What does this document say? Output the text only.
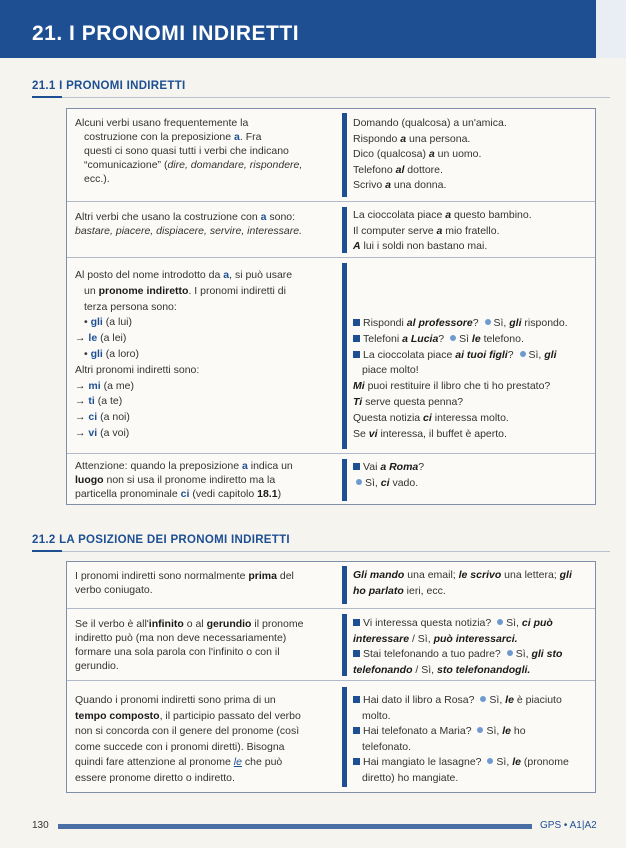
21. I PRONOMI INDIRETTI
21.1 I PRONOMI INDIRETTI
Alcuni verbi usano frequentemente la
costruzione con la preposizione a. Fra
questi ci sono quasi tutti i verbi che indicano
“comunicazione” (dire, domandare, rispondere,
ecc.).
Domando (qualcosa) a un'amica.
Rispondo a una persona.
Dico (qualcosa) a un uomo.
Telefono al dottore.
Scrivo a una donna.
Altri verbi che usano la costruzione con a sono:
bastare, piacere, dispiacere, servire, interessare.
La cioccolata piace a questo bambino.
Il computer serve a mio fratello.
A lui i soldi non bastano mai.
Al posto del nome introdotto da a, si può usare
un pronome indiretto. I pronomi indiretti di
terza persona sono:
• gli (a lui)
→ le (a lei)
• gli (a loro)
Altri pronomi indiretti sono:
→ mi (a me)
→ ti (a te)
→ ci (a noi)
→ vi (a voi)
Rispondi al professore? Sì, gli rispondo.
Telefoni a Lucia? Sì le telefono.
La cioccolata piace ai tuoi figli? Sì, gli
piace molto!
Mi puoi restituire il libro che ti ho prestato?
Ti serve questa penna?
Questa notizia ci interessa molto.
Se vi interessa, il buffet è aperto.
Attenzione: quando la preposizione a indica un
luogo non si usa il pronome indiretto ma la
particella pronominale ci (vedi capitolo 18.1)
Vai a Roma?
Sì, ci vado.
21.2 LA POSIZIONE DEI PRONOMI INDIRETTI
I pronomi indiretti sono normalmente prima del
verbo coniugato.
Gli mando una email; le scrivo una lettera; gli
ho parlato ieri, ecc.
Se il verbo è all'infinito o al gerundio il pronome
indiretto può (ma non deve necessariamente)
formare una sola parola con l'infinito o con il
gerundio.
Vi interessa questa notizia? Sì, ci può
interessare / Sì, può interessarci.
Stai telefonando a tuo padre? Sì, gli sto
telefonando / Sì, sto telefonandogli.
Quando i pronomi indiretti sono prima di un
tempo composto, il participio passato del verbo
non si concorda con il genere del pronome (così
come succede con i pronomi diretti). Bisogna
quindi fare attenzione al pronome le che può
essere pronome diretto o indiretto.
Hai dato il libro a Rosa? Sì, le è piaciuto
molto.
Hai telefonato a Maria? Sì, le ho
telefonato.
Hai mangiato le lasagne? Sì, le (pronome
diretto) ho mangiate.
130	GPS • A1|A2
